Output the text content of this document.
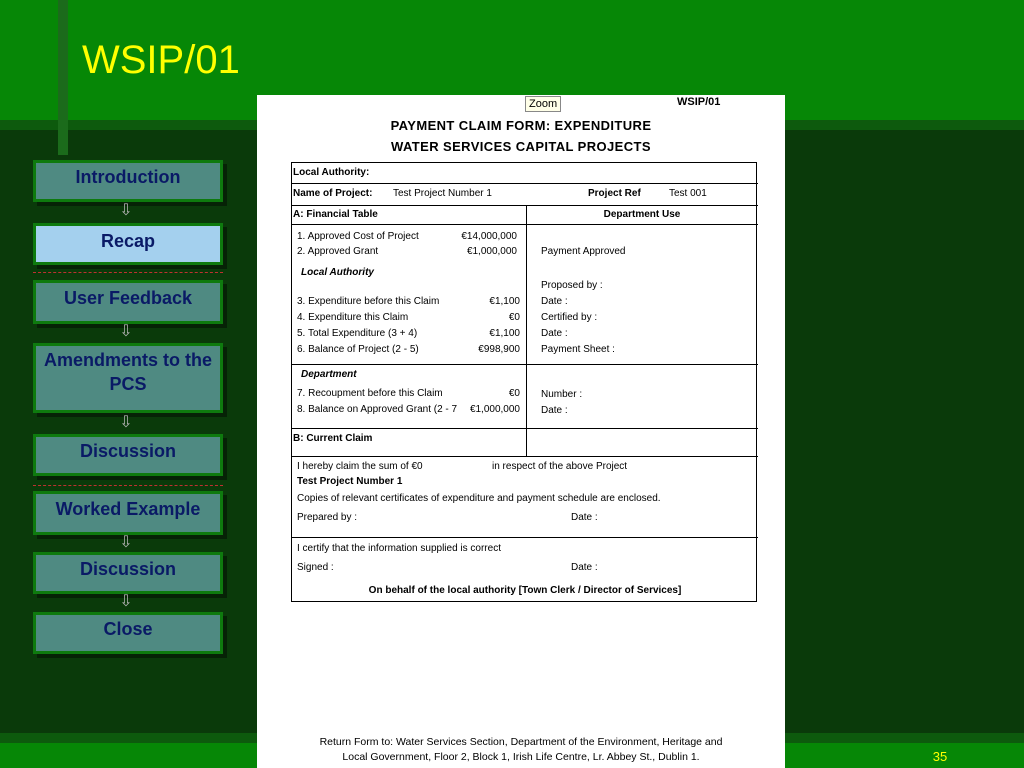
WSIP/01
35
Introduction
⇩
Recap
User Feedback
⇩
Amendments to the PCS
⇩
Discussion
Worked Example
⇩
Discussion
⇩
Close
Zoom	WSIP/01
PAYMENT CLAIM FORM: EXPENDITURE
WATER SERVICES CAPITAL PROJECTS
Local Authority:
Name of Project: Test Project Number 1	Project Ref	Test 001
A: Financial Table	Department Use
1. Approved Cost of Project	€14,000,000
2. Approved Grant	€1,000,000
Local Authority
3. Expenditure before this Claim	€1,100
4. Expenditure this Claim	€0
5. Total Expenditure (3 + 4)	€1,100
6. Balance of Project (2 - 5)	€998,900
Department
7. Recoupment before this Claim	€0
8. Balance on Approved Grant (2 - 7	€1,000,000
Payment Approved
Proposed by :
Date :
Certified by :
Date :
Payment Sheet :
Number :
Date :
B: Current Claim
I hereby claim the sum of €0	in respect of the above Project
Test Project Number 1
Copies of relevant certificates of expenditure and payment schedule are enclosed.
Prepared by :	Date :
I certify that the information supplied is correct
Signed :	Date :
On behalf of the local authority [Town Clerk / Director of Services]
Return Form to: Water Services Section, Department of the Environment, Heritage and
Local Government, Floor 2, Block 1, Irish Life Centre, Lr. Abbey St., Dublin 1.
